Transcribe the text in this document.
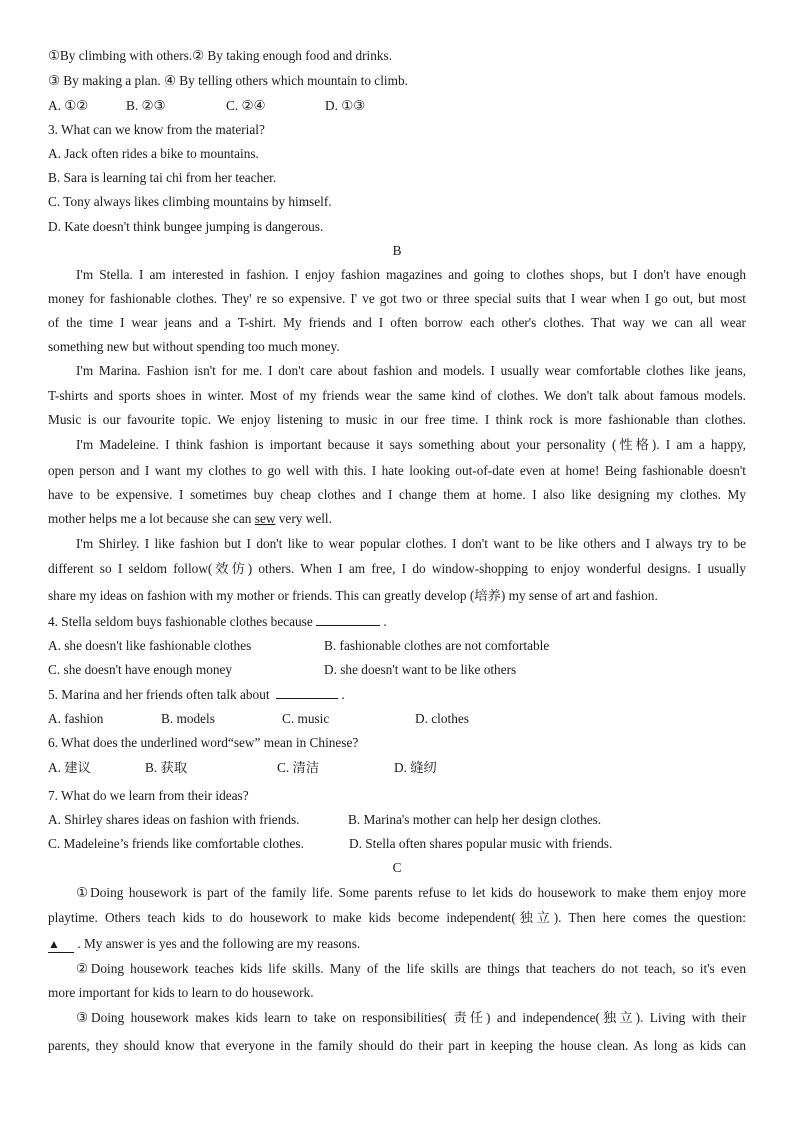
①By climbing with others.② By taking enough food and drinks.
③ By making a plan. ④ By telling others which mountain to climb.
A. ①②	B. ②③	C. ②④	D. ①③
3. What can we know from the material?
A. Jack often rides a bike to mountains.
B. Sara is learning tai chi from her teacher.
C. Tony always likes climbing mountains by himself.
D. Kate doesn't think bungee jumping is dangerous.
B
I'm Stella. I am interested in fashion. I enjoy fashion magazines and going to clothes shops, but I don't have enough
money for fashionable clothes. They' re so expensive. I' ve got two or three special suits that I wear when I go out, but most
of the time I wear jeans and a T-shirt. My friends and I often borrow each other's clothes. That way we can all wear
something new but without spending too much money.
I'm Marina. Fashion isn't for me. I don't care about fashion and models. I usually wear comfortable clothes like jeans,
T-shirts and sports shoes in winter. Most of my friends wear the same kind of clothes. We don't talk about famous models.
Music is our favourite topic. We enjoy listening to music in our free time. I think rock is more fashionable than clothes.
I'm Madeleine. I think fashion is important because it says something about your personality (性格). I am a happy,
open person and I want my clothes to go well with this. I hate looking out-of-date even at home! Being fashionable doesn't
have to be expensive. I sometimes buy cheap clothes and I change them at home. I also like designing my clothes. My
mother helps me a lot because she can sew very well.
I'm Shirley. I like fashion but I don't like to wear popular clothes. I don't want to be like others and I always try to be
different so I seldom follow(效仿) others. When I am free, I do window-shopping to enjoy wonderful designs. I usually
share my ideas on fashion with my mother or friends. This can greatly develop (培养) my sense of art and fashion.
4. Stella seldom buys fashionable clothes because	.
A. she doesn't like fashionable clothes	B. fashionable clothes are not comfortable
C. she doesn't have enough money	D. she doesn't want to be like others
5. Marina and her friends often talk about	.
A. fashion	B. models	C. music	D. clothes
6. What does the underlined word“sew” mean in Chinese?
A. 建议	B. 获取	C. 清洁	D. 缝纫
7. What do we learn from their ideas?
A. Shirley shares ideas on fashion with friends.	B. Marina's mother can help her design clothes.
C. Madeleine’s friends like comfortable clothes.	D. Stella often shares popular music with friends.
C
①Doing housework is part of the family life. Some parents refuse to let kids do housework to make them enjoy more
playtime. Others teach kids to do housework to make kids become independent(独立). Then here comes the question:
▲ . My answer is yes and the following are my reasons.
②Doing housework teaches kids life skills. Many of the life skills are things that teachers do not teach, so it's even
more important for kids to learn to do housework.
③Doing housework makes kids learn to take on responsibilities( 责任) and independence(独立). Living with their
parents, they should know that everyone in the family should do their part in keeping the house clean. As long as kids can
